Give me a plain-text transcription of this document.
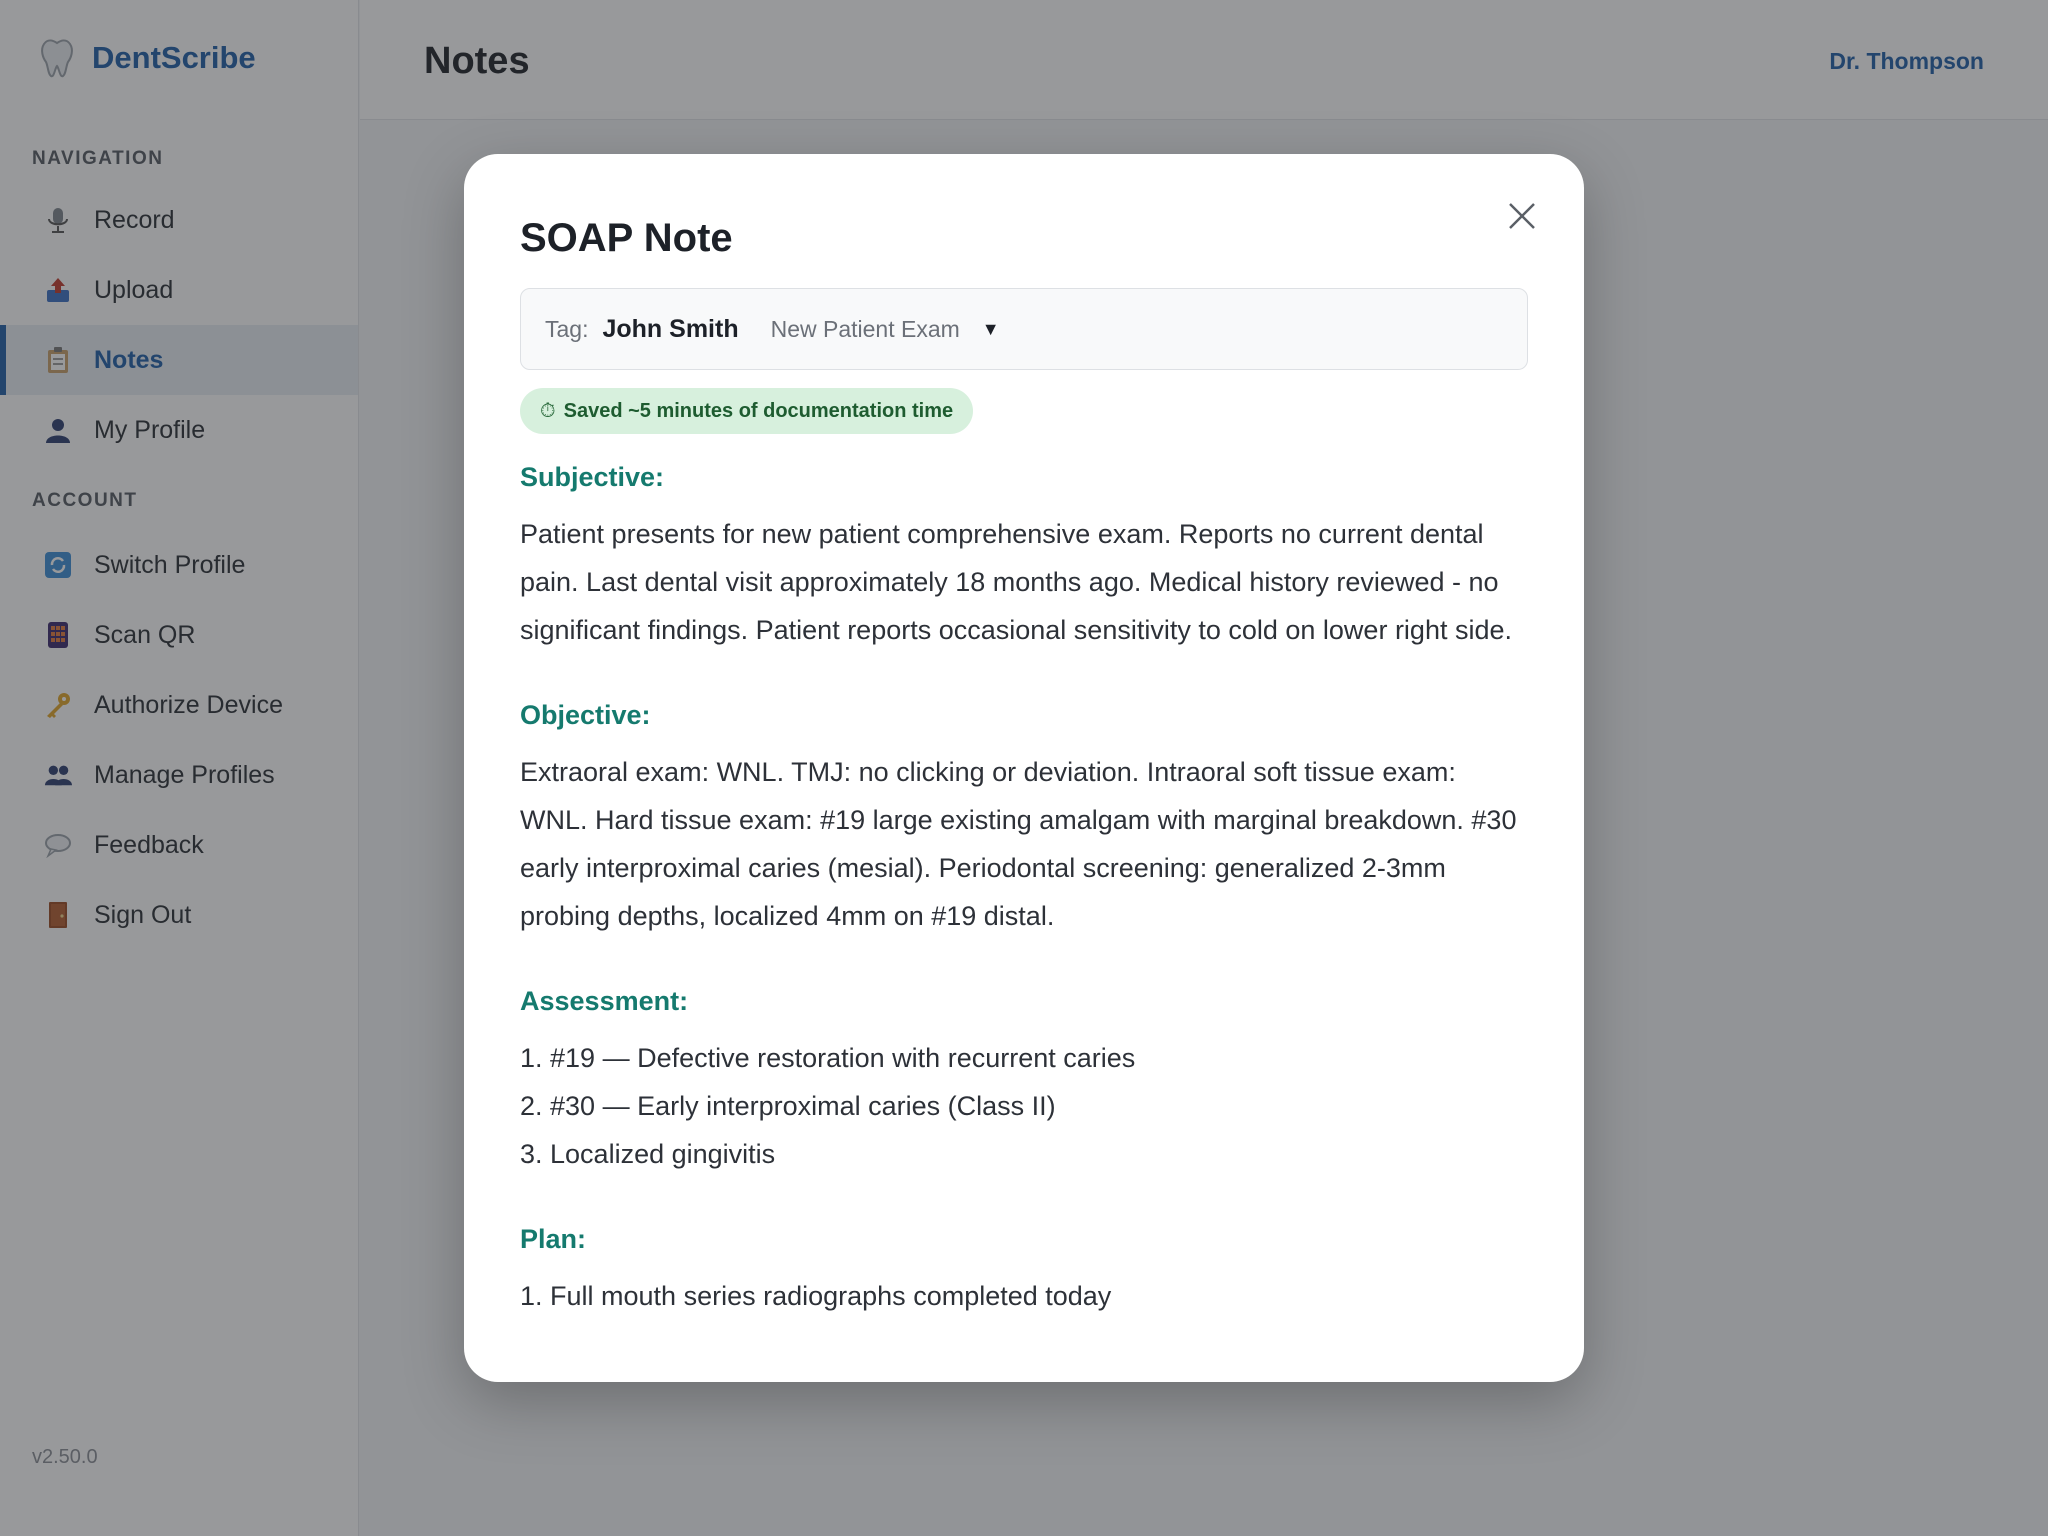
DentScribe
NAVIGATION
Record
Upload
Notes
My Profile
ACCOUNT
Switch Profile
Scan QR
Authorize Device
Manage Profiles
Feedback
Sign Out
v2.50.0
Notes	Dr. Thompson
SOAP Note
Tag: John Smith New Patient Exam ▼
⏱ Saved ~5 minutes of documentation time
Subjective:
Patient presents for new patient comprehensive exam. Reports no current dental pain. Last dental visit approximately 18 months ago. Medical history reviewed - no significant findings. Patient reports occasional sensitivity to cold on lower right side.
Objective:
Extraoral exam: WNL. TMJ: no clicking or deviation. Intraoral soft tissue exam: WNL. Hard tissue exam: #19 large existing amalgam with marginal breakdown. #30 early interproximal caries (mesial). Periodontal screening: generalized 2-3mm probing depths, localized 4mm on #19 distal.
Assessment:
1. #19 — Defective restoration with recurrent caries
2. #30 — Early interproximal caries (Class II)
3. Localized gingivitis
Plan:
1. Full mouth series radiographs completed today
